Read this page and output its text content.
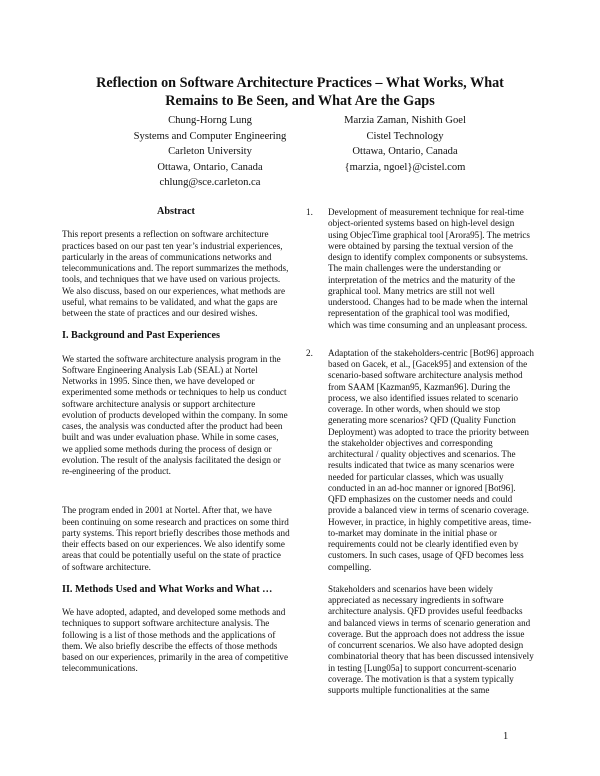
Reflection on Software Architecture Practices – What Works, What Remains to Be Seen, and What Are the Gaps
Chung-Horng Lung
Systems and Computer Engineering
Carleton University
Ottawa, Ontario, Canada
chlung@sce.carleton.ca
Marzia Zaman, Nishith Goel
Cistel Technology
Ottawa, Ontario, Canada
{marzia, ngoel}@cistel.com
Abstract

This report presents a reflection on software architecture practices based on our past ten year’s industrial experiences, particularly in the areas of communications networks and telecommunications and. The report summarizes the methods, tools, and techniques that we have used on various projects. We also discuss, based on our experiences, what methods are useful, what remains to be validated, and what the gaps are between the state of practices and our desired wishes.

I. Background and Past Experiences

We started the software architecture analysis program in the Software Engineering Analysis Lab (SEAL) at Nortel Networks in 1995. Since then, we have developed or experimented some methods or techniques to help us conduct software architecture analysis or support architecture evolution of products developed within the company. In some cases, the analysis was conducted after the product had been built and was under evaluation phase. While in some cases, we applied some methods during the process of design or evolution. The result of the analysis facilitated the design or re-engineering of the product.

The program ended in 2001 at Nortel. After that, we have been continuing on some research and practices on some third party systems. This report briefly describes those methods and their effects based on our experiences. We also identify some areas that could be potentially useful on the state of practice of software architecture.

II. Methods Used and What Works and What …

We have adopted, adapted, and developed some methods and techniques to support software architecture analysis. The following is a list of those methods and the applications of them. We also briefly describe the effects of those methods based on our experiences, primarily in the area of competitive telecommunications.

1. Development of measurement technique for real-time object-oriented systems based on high-level design using ObjecTime graphical tool [Arora95]. The metrics were obtained by parsing the textual version of the design to identify complex components or subsystems. The main challenges were the understanding or interpretation of the metrics and the maturity of the graphical tool. Many metrics are still not well understood. Changes had to be made when the internal representation of the graphical tool was modified, which was time consuming and an unpleasant process.
2. Adaptation of the stakeholders-centric [Bot96] approach based on Gacek, et al., [Gacek95] and extension of the scenario-based software architecture analysis method from SAAM [Kazman95, Kazman96]. During the process, we also identified issues related to scenario coverage. In other words, when should we stop generating more scenarios? QFD (Quality Function Deployment) was adopted to trace the priority between the stakeholder objectives and corresponding architectural / quality objectives and scenarios. The results indicated that twice as many scenarios were needed for particular classes, which was usually conducted in an ad-hoc manner or ignored [Bot96]. QFD emphasizes on the customer needs and could provide a balanced view in terms of scenario coverage. However, in practice, in highly competitive areas, time-to-market may dominate in the initial phase or requirements could not be clearly identified even by customers. In such cases, usage of QFD becomes less compelling.

Stakeholders and scenarios have been widely appreciated as necessary ingredients in software architecture analysis. QFD provides useful feedbacks and balanced views in terms of scenario generation and coverage. But the approach does not address the issue of concurrent scenarios. We also have adopted design combinatorial theory that has been discussed intensively in testing [Lung05a] to support concurrent-scenario coverage. The motivation is that a system typically supports multiple functionalities at the same

1
